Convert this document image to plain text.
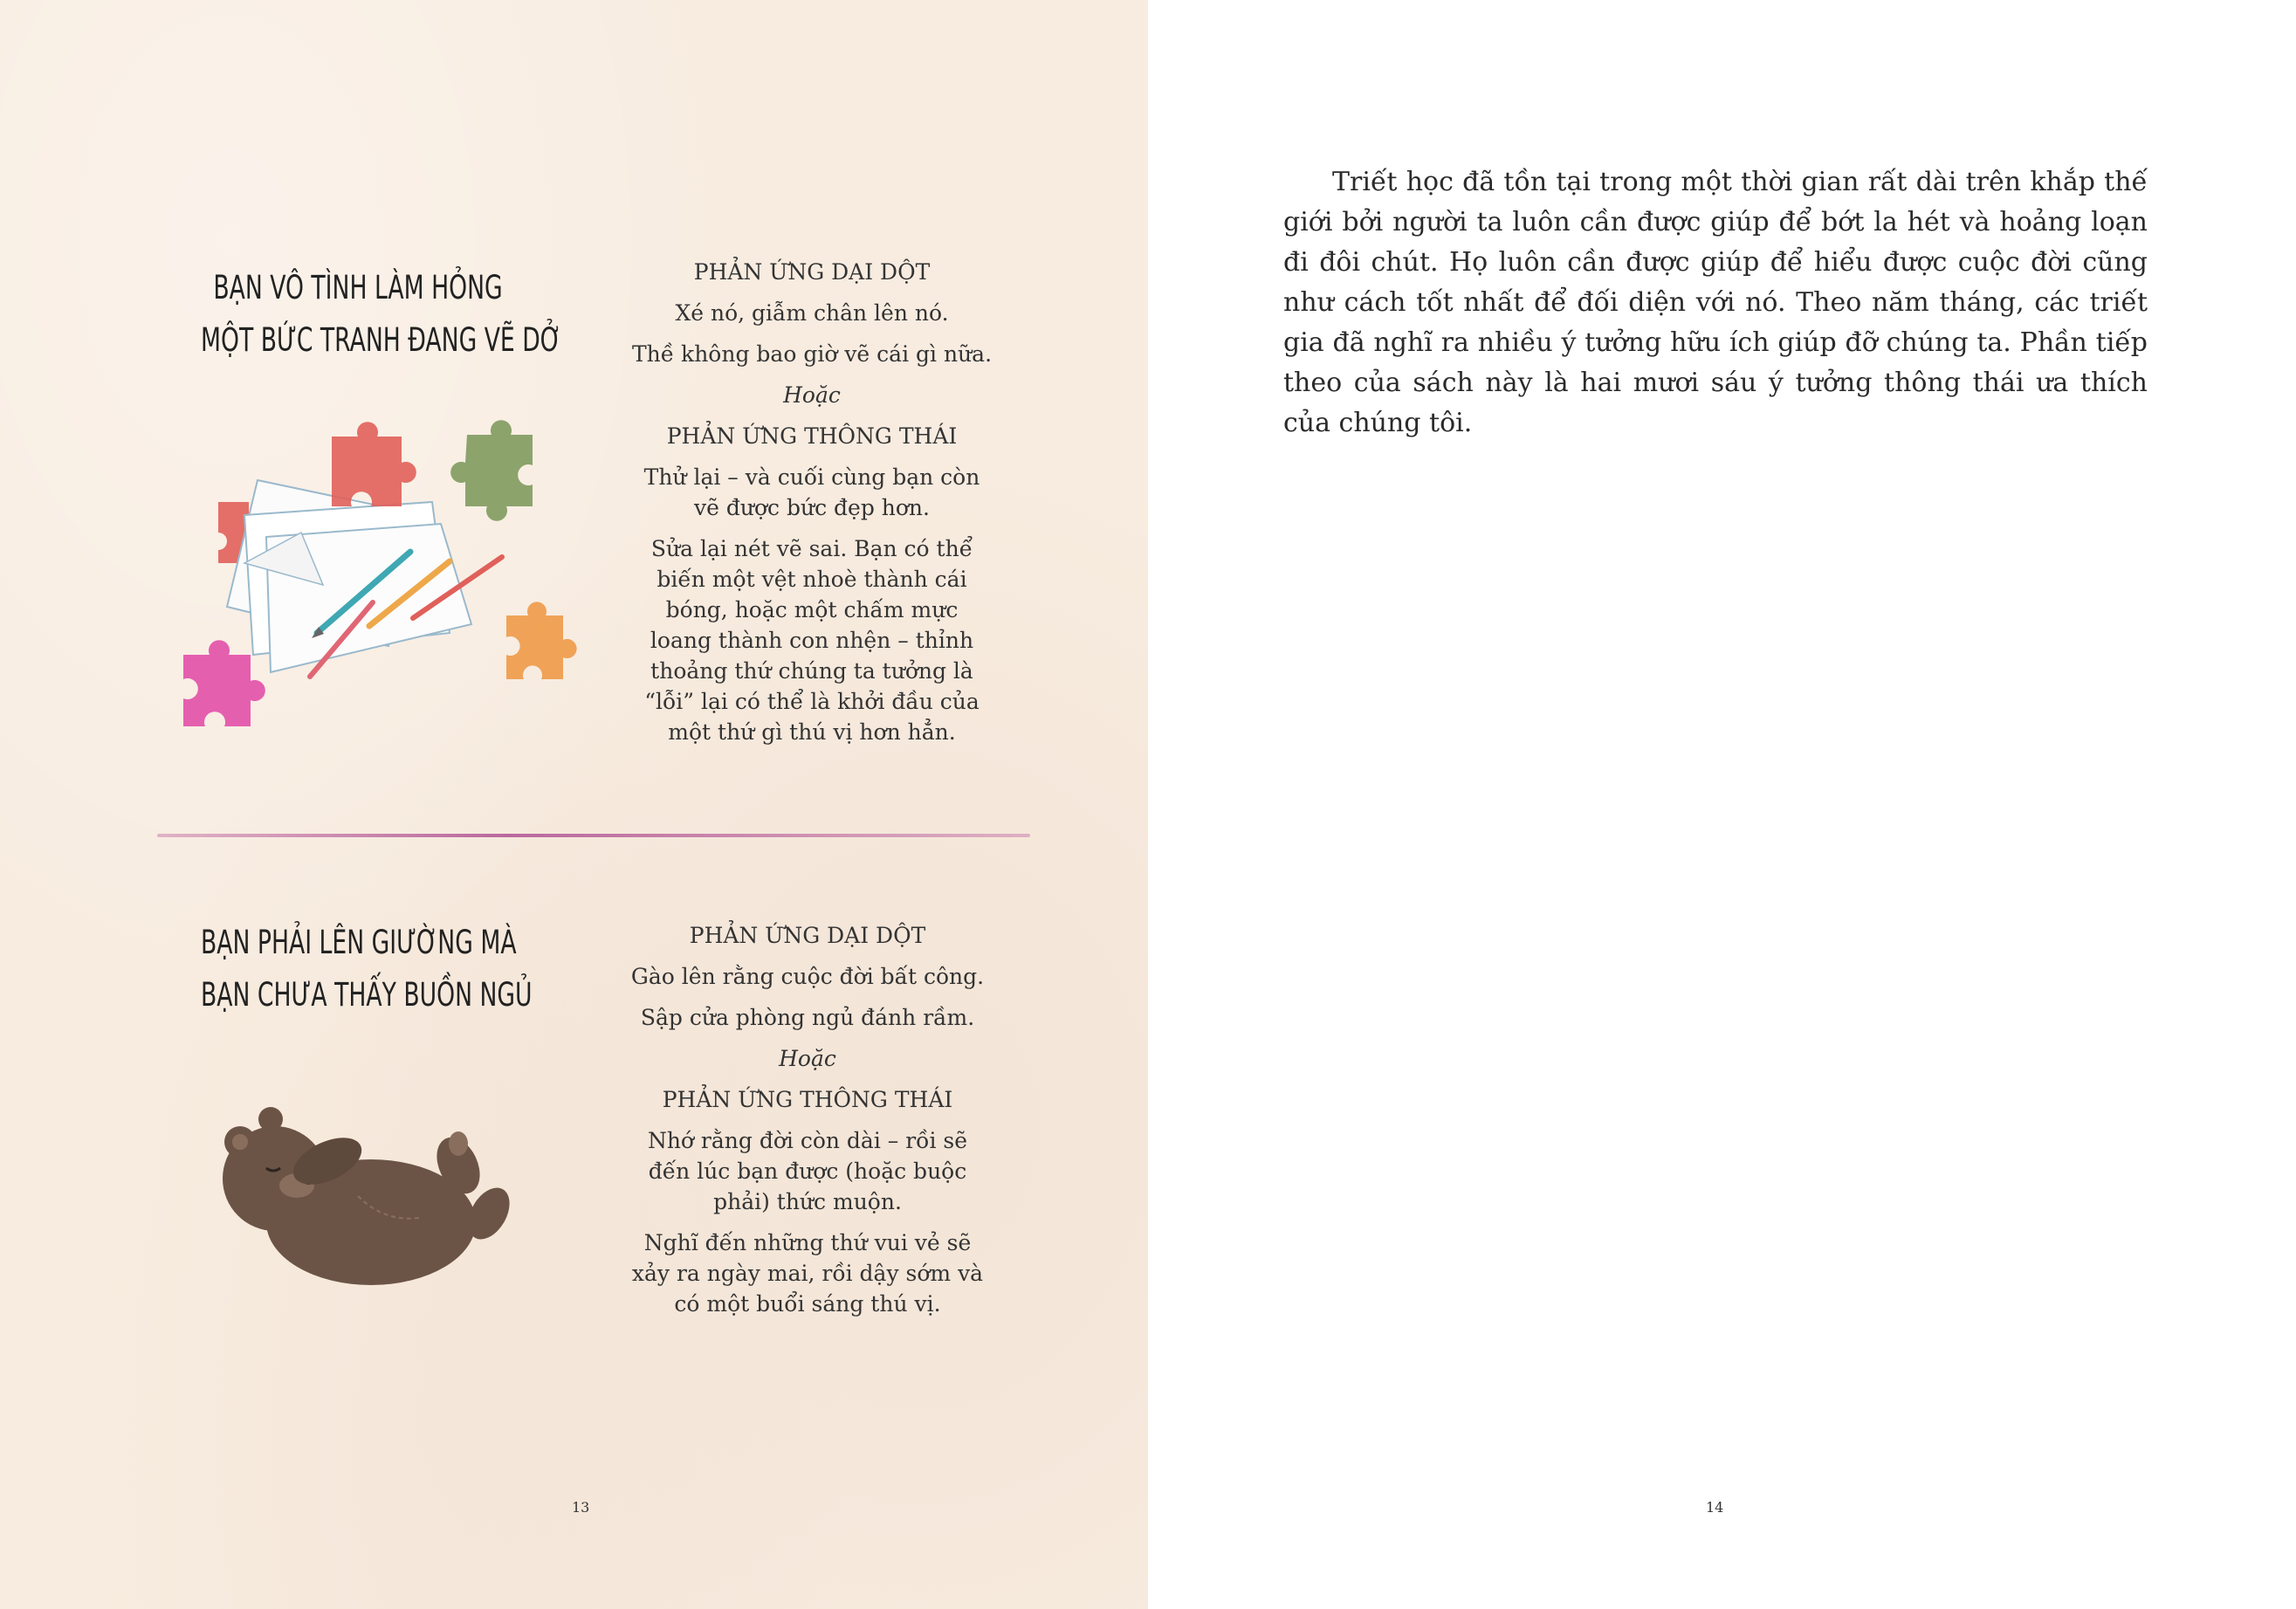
BẠN VÔ TÌNH LÀM HỎNG
MỘT BỨC TRANH ĐANG VẼ DỞ

PHẢN ỨNG DẠI DỘT

Xé nó, giẫm chân lên nó.

Thề không bao giờ vẽ cái gì nữa.

Hoặc

PHẢN ỨNG THÔNG THÁI

Thử lại – và cuối cùng bạn còn

vẽ được bức đẹp hơn.

Sửa lại nét vẽ sai. Bạn có thể

biến một vệt nhoè thành cái

bóng, hoặc một chấm mực

loang thành con nhện – thỉnh

thoảng thứ chúng ta tưởng là

“lỗi” lại có thể là khởi đầu của

một thứ gì thú vị hơn hẳn.

BẠN PHẢI LÊN GIƯỜNG MÀ
BẠN CHƯA THẤY BUỒN NGỦ

PHẢN ỨNG DẠI DỘT

Gào lên rằng cuộc đời bất công.

Sập cửa phòng ngủ đánh rầm.

Hoặc

PHẢN ỨNG THÔNG THÁI

Nhớ rằng đời còn dài – rồi sẽ

đến lúc bạn được (hoặc buộc

phải) thức muộn.

Nghĩ đến những thứ vui vẻ sẽ

xảy ra ngày mai, rồi dậy sớm và

có một buổi sáng thú vị.

13

Triết học đã tồn tại trong một thời gian rất dài trên khắp thế giới bởi người ta luôn cần được giúp để bớt la hét và hoảng loạn đi đôi chút. Họ luôn cần được giúp để hiểu được cuộc đời cũng như cách tốt nhất để đối diện với nó. Theo năm tháng, các triết gia đã nghĩ ra nhiều ý tưởng hữu ích giúp đỡ chúng ta. Phần tiếp theo của sách này là hai mươi sáu ý tưởng thông thái ưa thích của chúng tôi.

14
